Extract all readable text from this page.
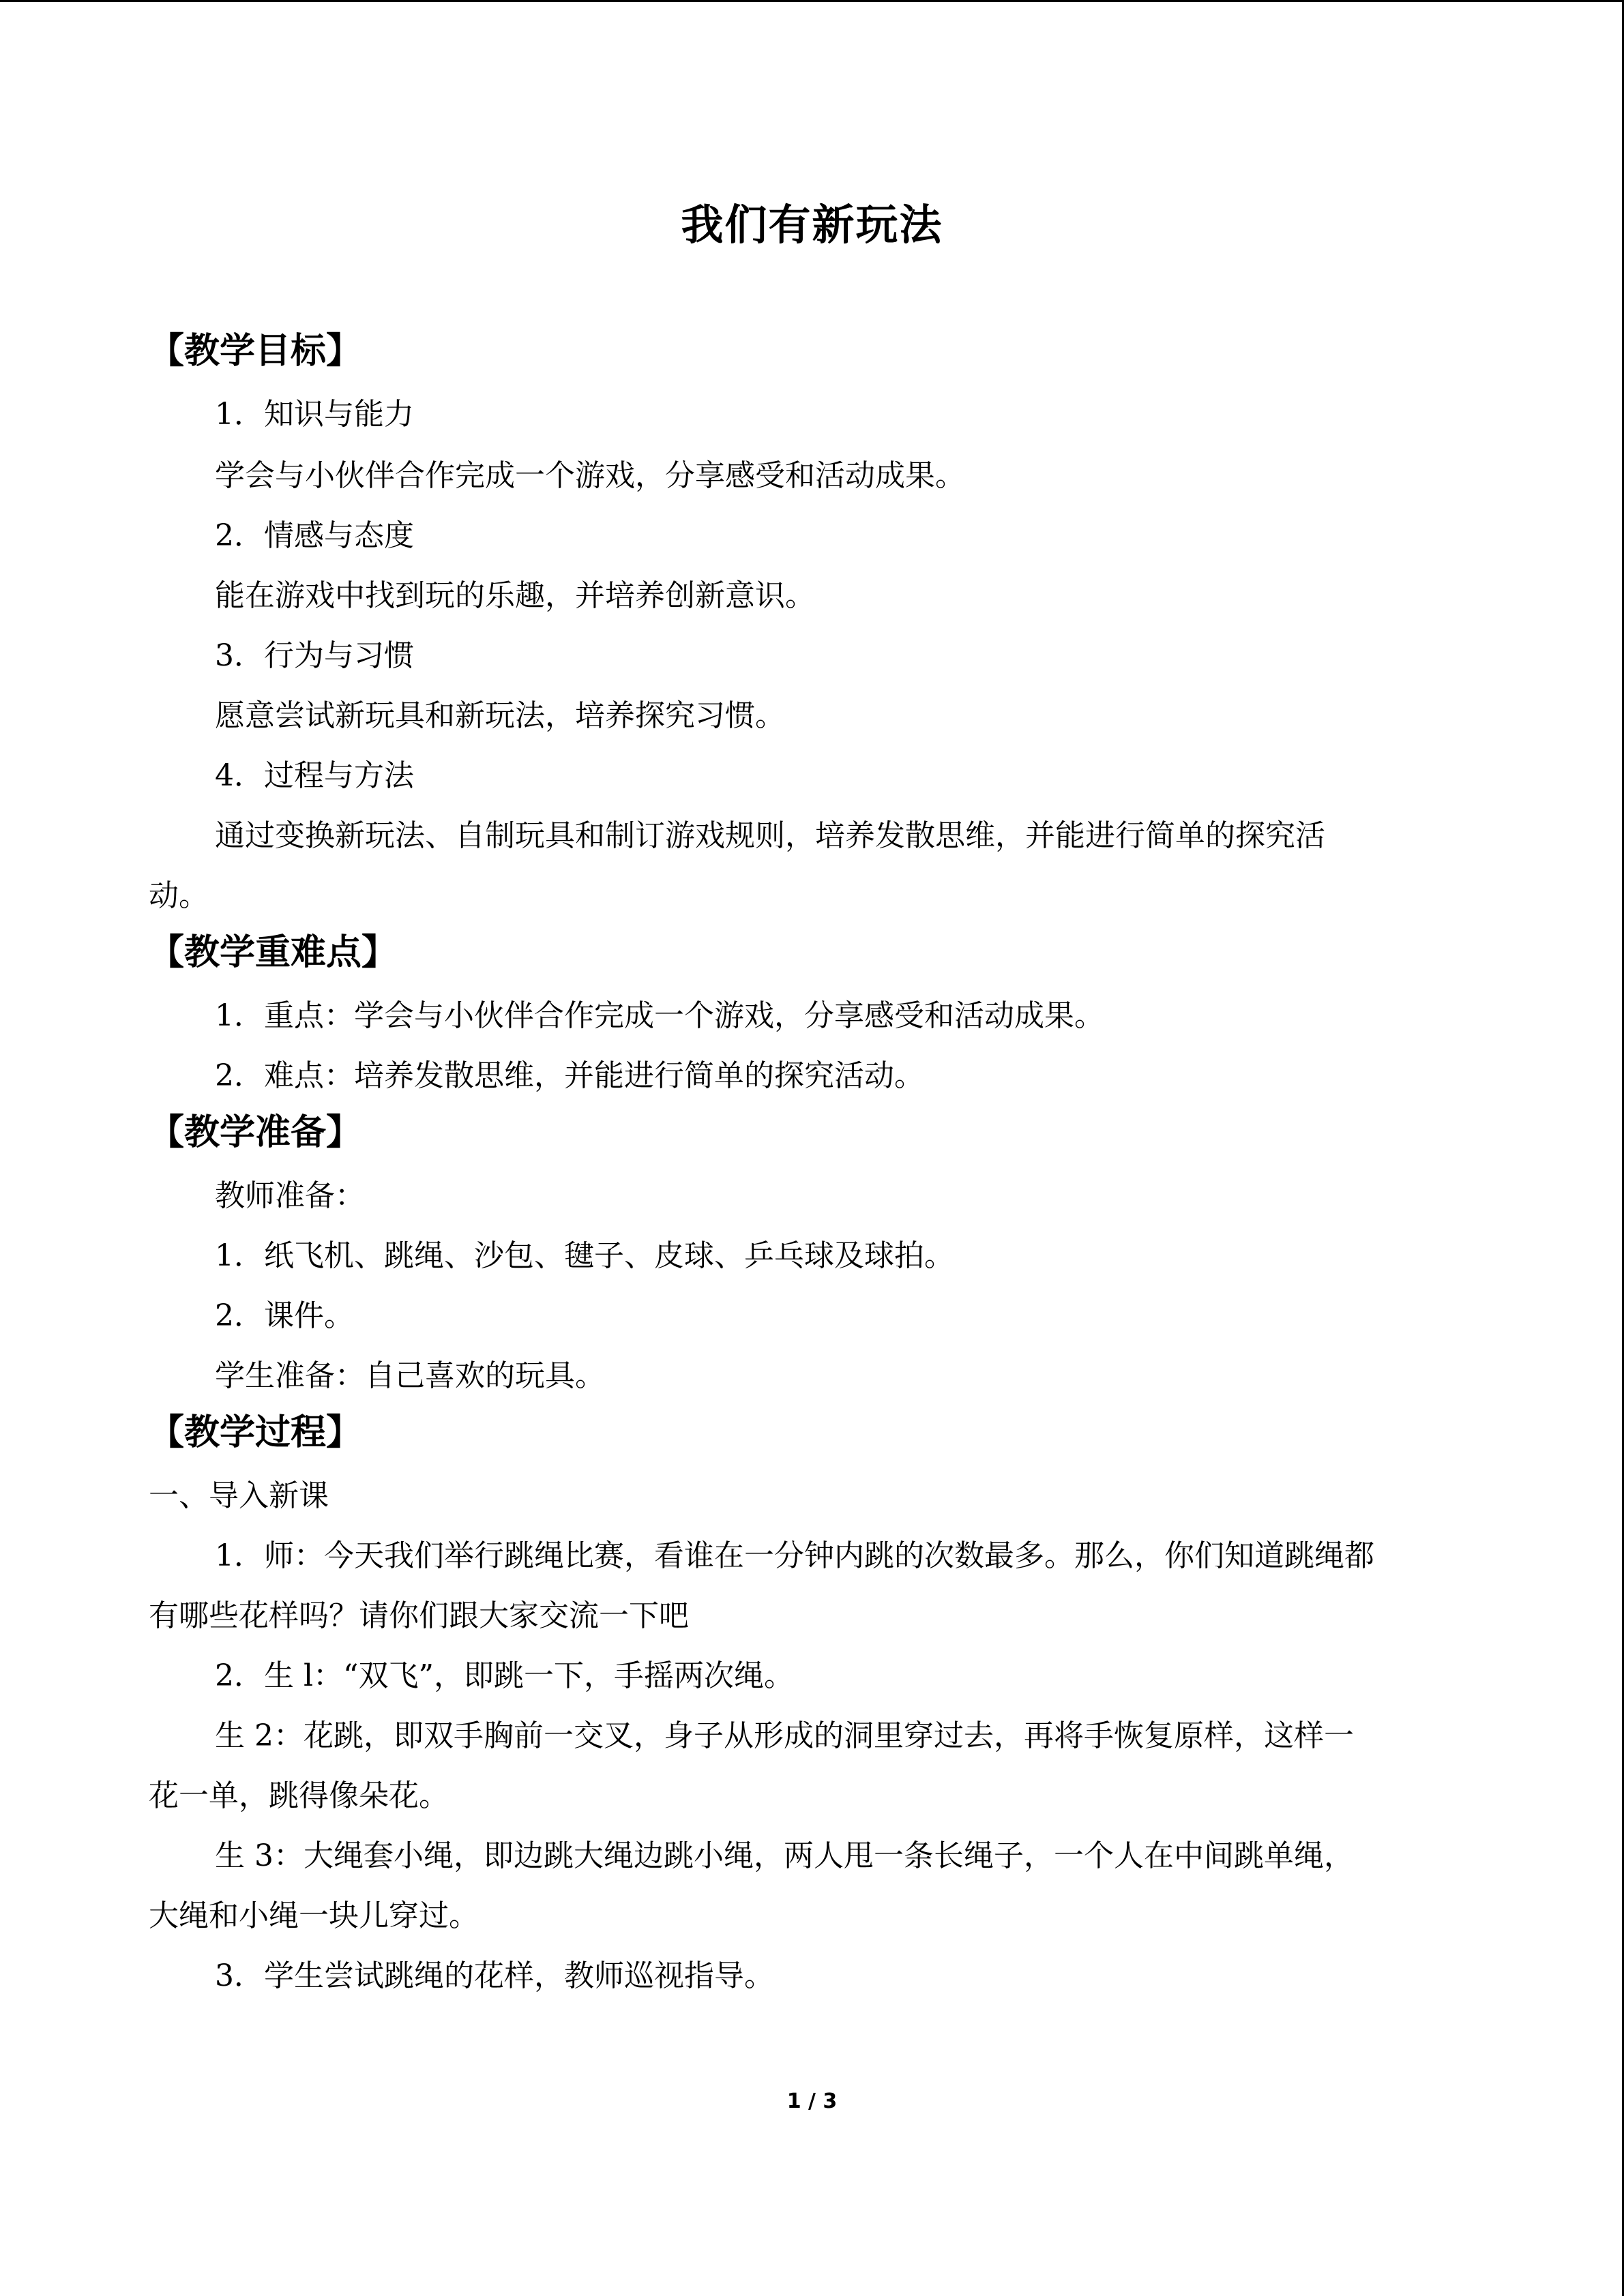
我们有新玩法
【教学目标】
1．知识与能力
学会与小伙伴合作完成一个游戏，分享感受和活动成果。
2．情感与态度
能在游戏中找到玩的乐趣，并培养创新意识。
3．行为与习惯
愿意尝试新玩具和新玩法，培养探究习惯。
4．过程与方法
通过变换新玩法、自制玩具和制订游戏规则，培养发散思维，并能进行简单的探究活
动。
【教学重难点】
1．重点：学会与小伙伴合作完成一个游戏，分享感受和活动成果。
2．难点：培养发散思维，并能进行简单的探究活动。
【教学准备】
教师准备：
1．纸飞机、跳绳、沙包、毽子、皮球、乒乓球及球拍。
2．课件。
学生准备：自己喜欢的玩具。
【教学过程】
一、导入新课
1．师：今天我们举行跳绳比赛，看谁在一分钟内跳的次数最多。那么，你们知道跳绳都
有哪些花样吗？请你们跟大家交流一下吧
2．生 l：“双飞”，即跳一下，手摇两次绳。
生 2：花跳，即双手胸前一交叉，身子从形成的洞里穿过去，再将手恢复原样，这样一
花一单，跳得像朵花。
生 3：大绳套小绳，即边跳大绳边跳小绳，两人甩一条长绳子，一个人在中间跳单绳，
大绳和小绳一块儿穿过。
3．学生尝试跳绳的花样，教师巡视指导。
1 / 3
